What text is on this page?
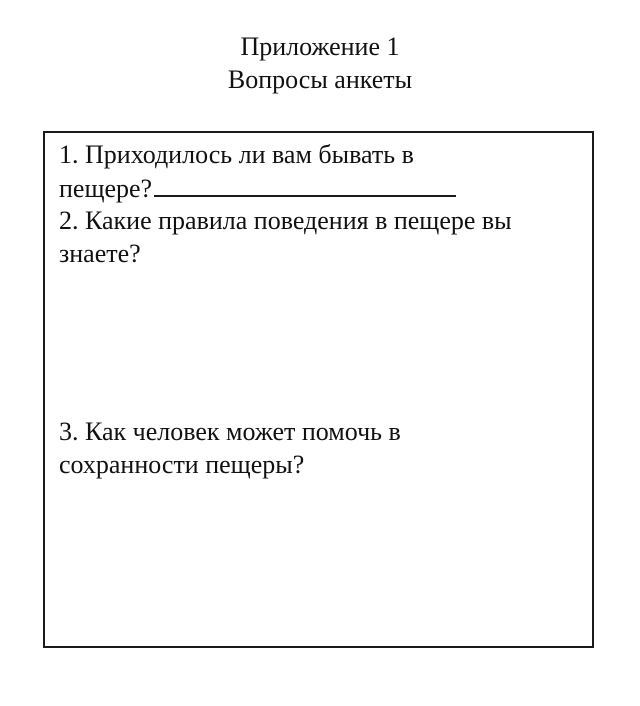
Приложение 1
Вопросы анкеты
1. Приходилось ли вам бывать в
пещере?
2. Какие правила поведения в пещере вы
знаете?
3. Как человек может помочь в
сохранности пещеры?
